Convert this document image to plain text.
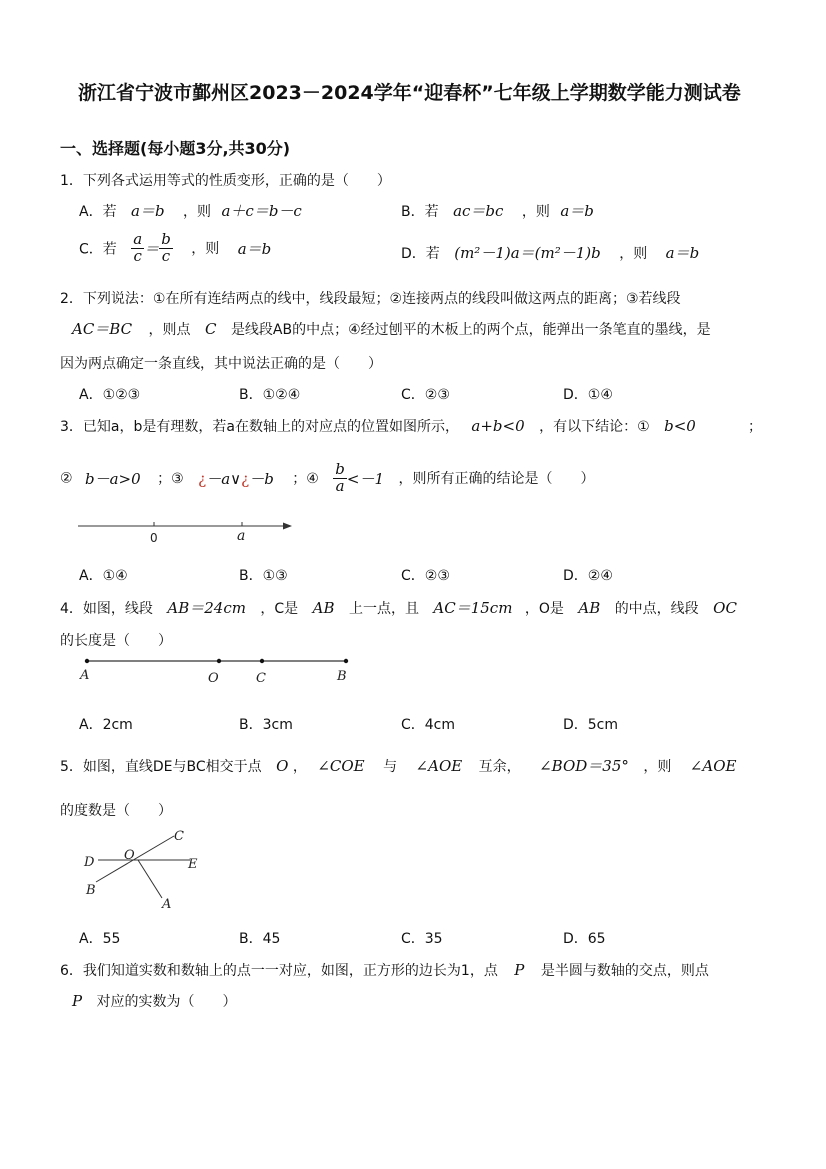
浙江省宁波市鄞州区2023－2024学年“迎春杯”七年级上学期数学能力测试卷
一、选择题(每小题3分,共30分)
1．下列各式运用等式的性质变形，正确的是（　　）
A．若 a＝b ，则 a＋c＝b－c	B．若 ac＝bc ，则 a＝b
C．若 $\frac{a}{c} = \frac{b}{c}$ ，则 a＝b	D．若 (m²－1)a＝(m²－1)b ，则 a＝b
2．下列说法：①在所有连结两点的线中，线段最短；②连接两点的线段叫做这两点的距离；③若线段
AC＝BC ，则点 C 是线段AB的中点；④经过刨平的木板上的两个点，能弹出一条笔直的墨线，是
因为两点确定一条直线，其中说法正确的是（　　）
A．①②③	B．①②④	C．②③	D．①④
3．已知a，b是有理数，若a在数轴上的对应点的位置如图所示， a+b<0 ，有以下结论：① b<0	；
② b－a>0 ；③ ¿－a∨¿－b ；④ $\frac{b}{a} <-1$ ，则所有正确的结论是（　　）
0	a
A．①④	B．①③	C．②③	D．②④
4．如图，线段 AB＝24cm ，C是 AB 上一点，且 AC＝15cm ，O是 AB 的中点，线段 OC
的长度是（　　）
A	O	C	B
A．2cm	B．3cm	C．4cm	D．5cm
5．如图，直线DE与BC相交于点 O ， ∠COE 与 ∠AOE 互余， ∠BOD＝35° ，则 ∠AOE
的度数是（　　）
C
D O
E
B
A
A．55	B．45	C．35	D．65
6．我们知道实数和数轴上的点一一对应，如图，正方形的边长为1，点 P 是半圆与数轴的交点，则点
P 对应的实数为（　　）
